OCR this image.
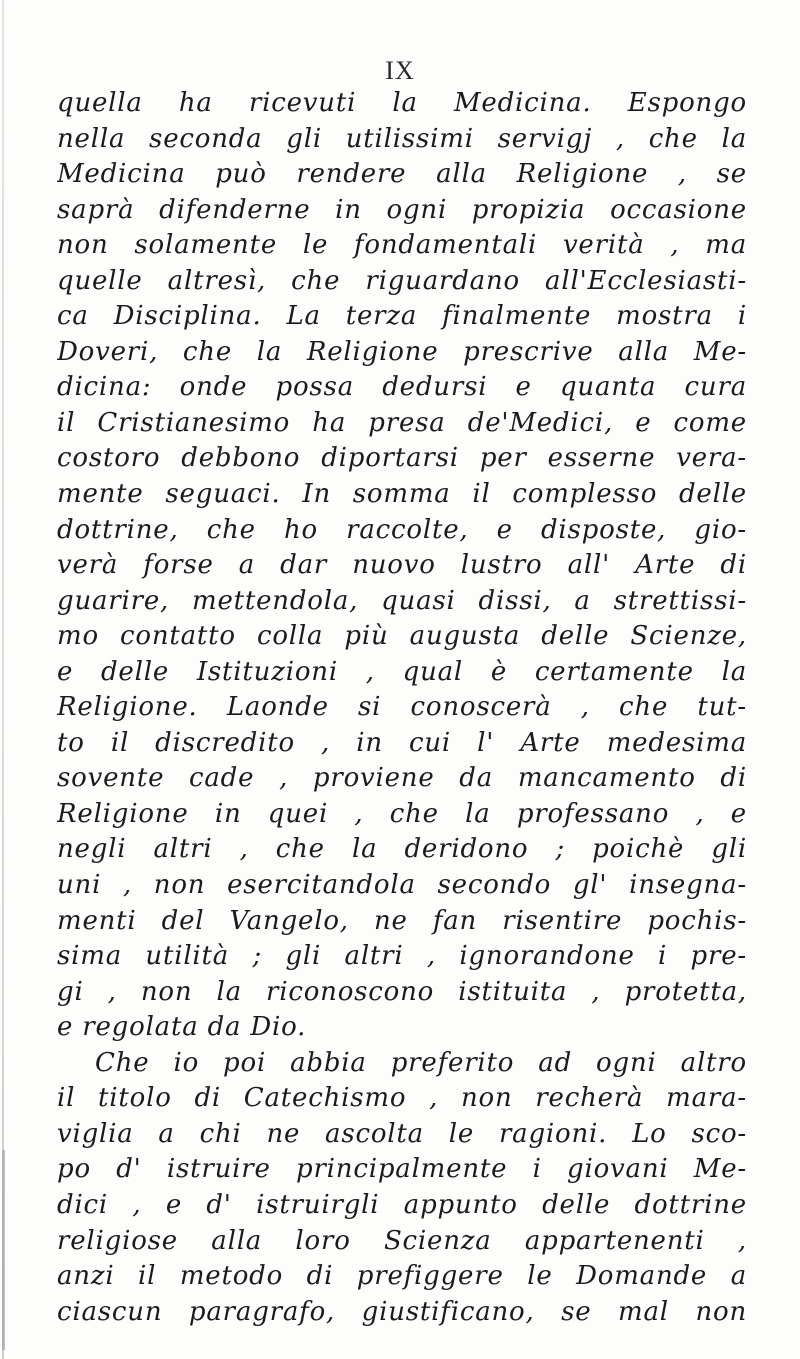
IX
quella ha ricevuti la Medicina. Espongo
nella seconda gli utilissimi servigj , che la
Medicina può rendere alla Religione , se
saprà difenderne in ogni propizia occasione
non solamente le fondamentali verità , ma
quelle altresì, che riguardano all'Ecclesiasti-
ca Disciplina. La terza finalmente mostra i
Doveri, che la Religione prescrive alla Me-
dicina: onde possa dedursi e quanta cura
il Cristianesimo ha presa de'Medici, e come
costoro debbono diportarsi per esserne vera-
mente seguaci. In somma il complesso delle
dottrine, che ho raccolte, e disposte, gio-
verà forse a dar nuovo lustro all' Arte di
guarire, mettendola, quasi dissi, a strettissi-
mo contatto colla più augusta delle Scienze,
e delle Istituzioni , qual è certamente la
Religione. Laonde si conoscerà , che tut-
to il discredito , in cui l' Arte medesima
sovente cade , proviene da mancamento di
Religione in quei , che la professano , e
negli altri , che la deridono ; poichè gli
uni , non esercitandola secondo gl' insegna-
menti del Vangelo, ne fan risentire pochis-
sima utilità ; gli altri , ignorandone i pre-
gi , non la riconoscono istituita , protetta,
e regolata da Dio.
Che io poi abbia preferito ad ogni altro
il titolo di Catechismo , non recherà mara-
viglia a chi ne ascolta le ragioni. Lo sco-
po d' istruire principalmente i giovani Me-
dici , e d' istruirgli appunto delle dottrine
religiose alla loro Scienza appartenenti ,
anzi il metodo di prefiggere le Domande a
ciascun paragrafo, giustificano, se mal non
